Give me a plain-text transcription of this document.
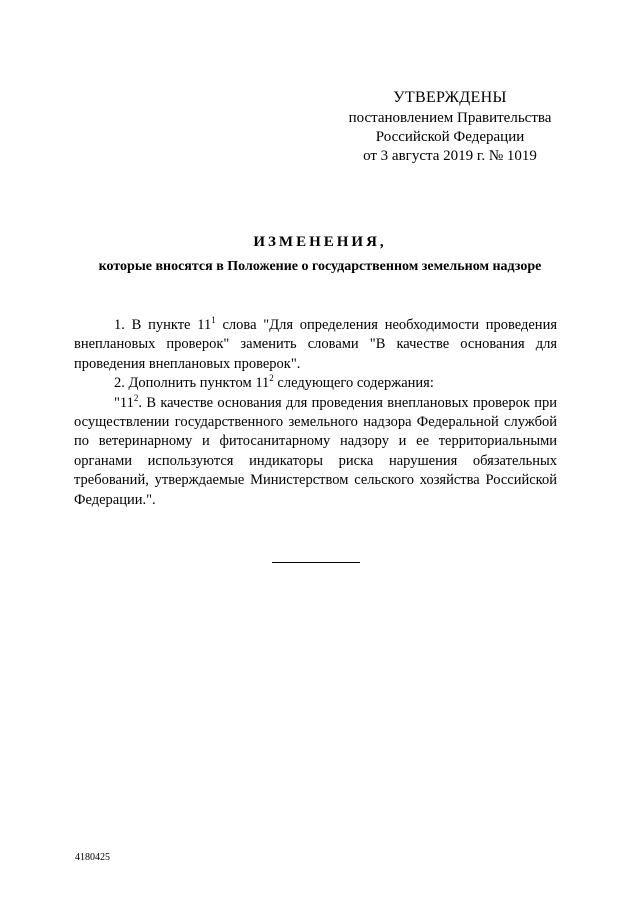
УТВЕРЖДЕНЫ
постановлением Правительства
Российской Федерации
от 3 августа 2019 г. № 1019
ИЗМЕНЕНИЯ,
которые вносятся в Положение о государственном земельном надзоре

1. В пункте $11^1$ слова "Для определения необходимости проведения внеплановых проверок" заменить словами "В качестве основания для проведения внеплановых проверок".

2. Дополнить пунктом $11^2$ следующего содержания:

"$11^2$. В качестве основания для проведения внеплановых проверок при осуществлении государственного земельного надзора Федеральной службой по ветеринарному и фитосанитарному надзору и ее территориальными органами используются индикаторы риска нарушения обязательных требований, утверждаемые Министерством сельского хозяйства Российской Федерации.".

4180425
